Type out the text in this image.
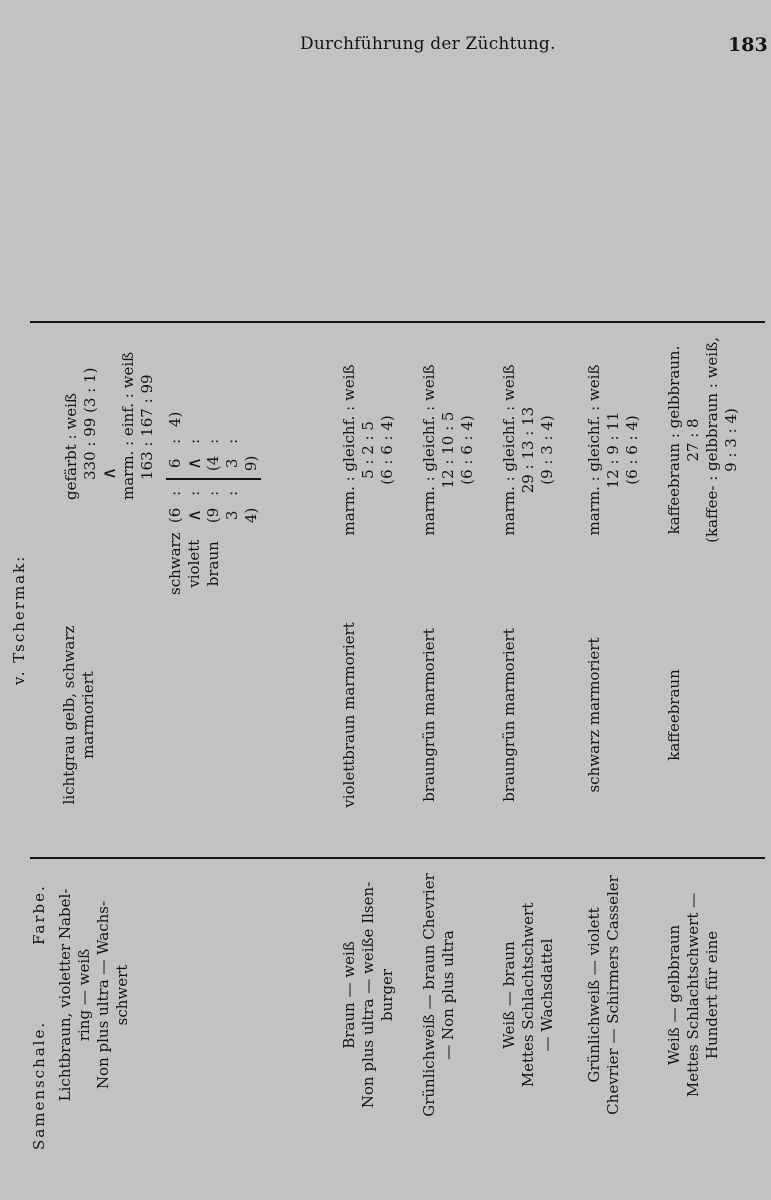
Durchführung der Züchtung.	183
v. Tschermak:
Samenschale.
Farbe. Lichtbraun, violetter Nabel- ring — weiß Non plus ultra — Wachs- schwert
lichtgrau gelb, schwarz marmoriert
gefärbt : weiß 330 : 99 (3 : 1) ∧ marm. : einf. : weiß 163 : 167 : 99
schwarz violett braun
(6 ∧ (9 3 4)
: : : :
6 ∧ (4 3 9)
: : : :
4)
Braun — weiß Non plus ultra — weiße Ilsen- burger
violettbraun marmoriert
marm. : gleichf. : weiß 5 : 2 : 5 (6 : 6 : 4)
Grünlichweiß — braun Chevrier — Non plus ultra
braungrün marmoriert
marm. : gleichf. : weiß 12 : 10 : 5 (6 : 6 : 4)
Weiß — braun Mettes Schlachtschwert — Wachsdattel
braungrün marmoriert
marm. : gleichf. : weiß 29 : 13 : 13 (9 : 3 : 4)
Grünlichweiß — violett Chevrier — Schirmers Casseler
schwarz marmoriert
marm. : gleichf. : weiß 12 : 9 : 11 (6 : 6 : 4)
Weiß — gelbbraun Mettes Schlachtschwert — Hundert für eine
kaffeebraun
kaffeebraun : gelbbraun. 27 : 8 (kaffee- : gelbbraun : weiß, 9 : 3 : 4)
